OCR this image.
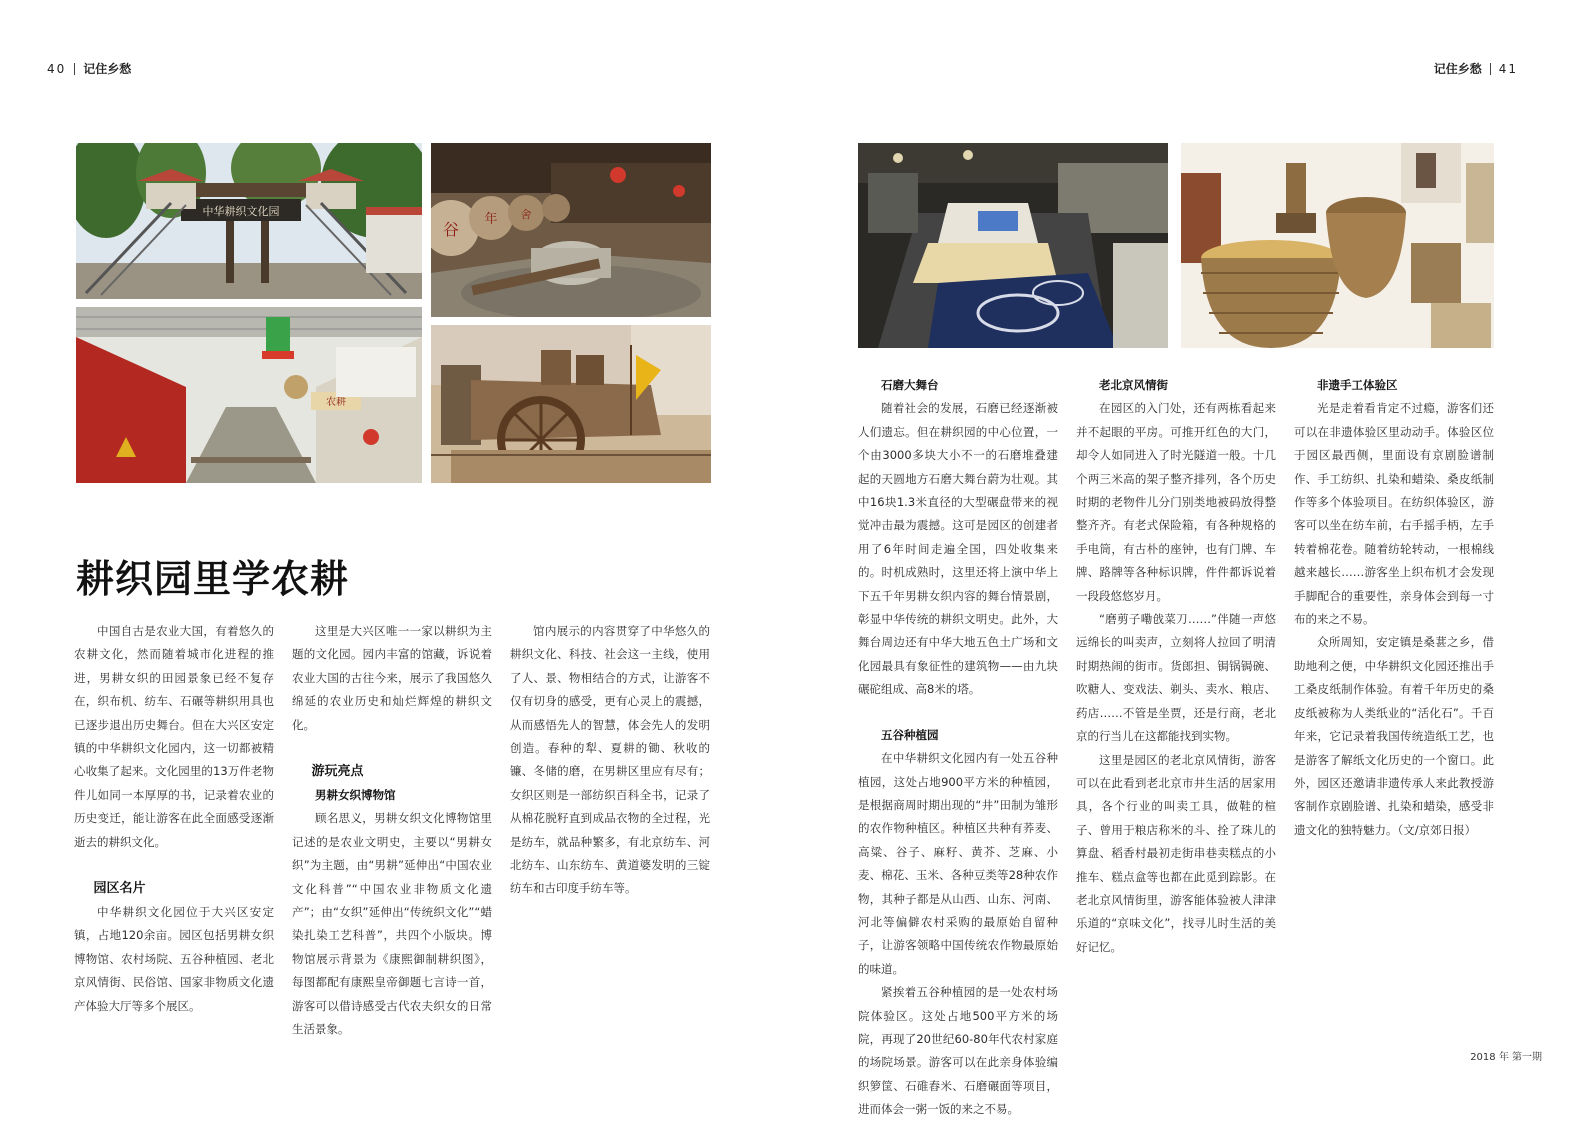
40 记住乡愁	记住乡愁 41
中华耕织文化园
谷
年 舍
农耕
耕织园里学农耕

中国自古是农业大国，有着悠久的农耕文化，然而随着城市化进程的推进，男耕女织的田园景象已经不复存在，织布机、纺车、石碾等耕织用具也已逐步退出历史舞台。但在大兴区安定镇的中华耕织文化园内，这一切都被精心收集了起来。文化园里的13万件老物件儿如同一本厚厚的书，记录着农业的历史变迁，能让游客在此全面感受逐渐逝去的耕织文化。

园区名片

中华耕织文化园位于大兴区安定镇，占地120余亩。园区包括男耕女织博物馆、农村场院、五谷种植园、老北京风情街、民俗馆、国家非物质文化遗产体验大厅等多个展区。

这里是大兴区唯一一家以耕织为主题的文化园。园内丰富的馆藏，诉说着农业大国的古往今来，展示了我国悠久绵延的农业历史和灿烂辉煌的耕织文化。

游玩亮点
男耕女织博物馆

顾名思义，男耕女织文化博物馆里记述的是农业文明史，主要以“男耕女织”为主题，由“男耕”延伸出“中国农业文化科普”“中国农业非物质文化遗产”；由“女织”延伸出“传统织文化”“蜡染扎染工艺科普”，共四个小版块。博物馆展示背景为《康熙御制耕织图》，每图都配有康熙皇帝御题七言诗一首，游客可以借诗感受古代农夫织女的日常生活景象。

馆内展示的内容贯穿了中华悠久的耕织文化、科技、社会这一主线，使用了人、景、物相结合的方式，让游客不仅有切身的感受，更有心灵上的震撼，从而感悟先人的智慧，体会先人的发明创造。春种的犁、夏耕的锄、秋收的镰、冬储的磨，在男耕区里应有尽有；女织区则是一部纺织百科全书，记录了从棉花脱籽直到成品衣物的全过程，光是纺车，就品种繁多，有北京纺车、河北纺车、山东纺车、黄道婆发明的三锭纺车和古印度手纺车等。

石磨大舞台

随着社会的发展，石磨已经逐渐被人们遗忘。但在耕织园的中心位置，一个由3000多块大小不一的石磨堆叠建起的天圆地方石磨大舞台蔚为壮观。其中16块1.3米直径的大型碾盘带来的视觉冲击最为震撼。这可是园区的创建者用了6年时间走遍全国，四处收集来的。时机成熟时，这里还将上演中华上下五千年男耕女织内容的舞台情景剧，彰显中华传统的耕织文明史。此外，大舞台周边还有中华大地五色土广场和文化园最具有象征性的建筑物——由九块碾砣组成、高8米的塔。

五谷种植园

在中华耕织文化园内有一处五谷种植园，这处占地900平方米的种植园，是根据商周时期出现的“井”田制为雏形的农作物种植区。种植区共种有荞麦、高粱、谷子、麻籽、黄芥、芝麻、小麦、棉花、玉米、各种豆类等28种农作物，其种子都是从山西、山东、河南、河北等偏僻农村采购的最原始自留种子，让游客领略中国传统农作物最原始的味道。

紧挨着五谷种植园的是一处农村场院体验区。这处占地500平方米的场院，再现了20世纪60-80年代农村家庭的场院场景。游客可以在此亲身体验编织箩筐、石碓舂米、石磨碾面等项目，进而体会一粥一饭的来之不易。

老北京风情街

在园区的入门处，还有两栋看起来并不起眼的平房。可推开红色的大门，却令人如同进入了时光隧道一般。十几个两三米高的架子整齐排列，各个历史时期的老物件儿分门别类地被码放得整整齐齐。有老式保险箱，有各种规格的手电筒，有古朴的座钟，也有门牌、车牌、路牌等各种标识牌，件件都诉说着一段段悠悠岁月。

“磨剪子嘞戗菜刀……”伴随一声悠远绵长的叫卖声，立刻将人拉回了明清时期热闹的街市。货郎担、锔锅锔碗、吹糖人、变戏法、剃头、卖水、粮店、药店……不管是坐贾，还是行商，老北京的行当儿在这都能找到实物。

这里是园区的老北京风情街，游客可以在此看到老北京市井生活的居家用具，各个行业的叫卖工具，做鞋的楦子、曾用于粮店称米的斗、拴了珠儿的算盘、稻香村最初走街串巷卖糕点的小推车、糕点盒等也都在此觅到踪影。在老北京风情街里，游客能体验被人津津乐道的“京味文化”，找寻儿时生活的美好记忆。

非遗手工体验区

光是走着看肯定不过瘾，游客们还可以在非遗体验区里动动手。体验区位于园区最西侧，里面设有京剧脸谱制作、手工纺织、扎染和蜡染、桑皮纸制作等多个体验项目。在纺织体验区，游客可以坐在纺车前，右手摇手柄，左手转着棉花卷。随着纺轮转动，一根棉线越来越长……游客坐上织布机才会发现手脚配合的重要性，亲身体会到每一寸布的来之不易。

众所周知，安定镇是桑葚之乡，借助地利之便，中华耕织文化园还推出手工桑皮纸制作体验。有着千年历史的桑皮纸被称为人类纸业的“活化石”。千百年来，它记录着我国传统造纸工艺，也是游客了解纸文化历史的一个窗口。此外，园区还邀请非遗传承人来此教授游客制作京剧脸谱、扎染和蜡染，感受非遗文化的独特魅力。（文/京郊日报）

2018 年 第一期
